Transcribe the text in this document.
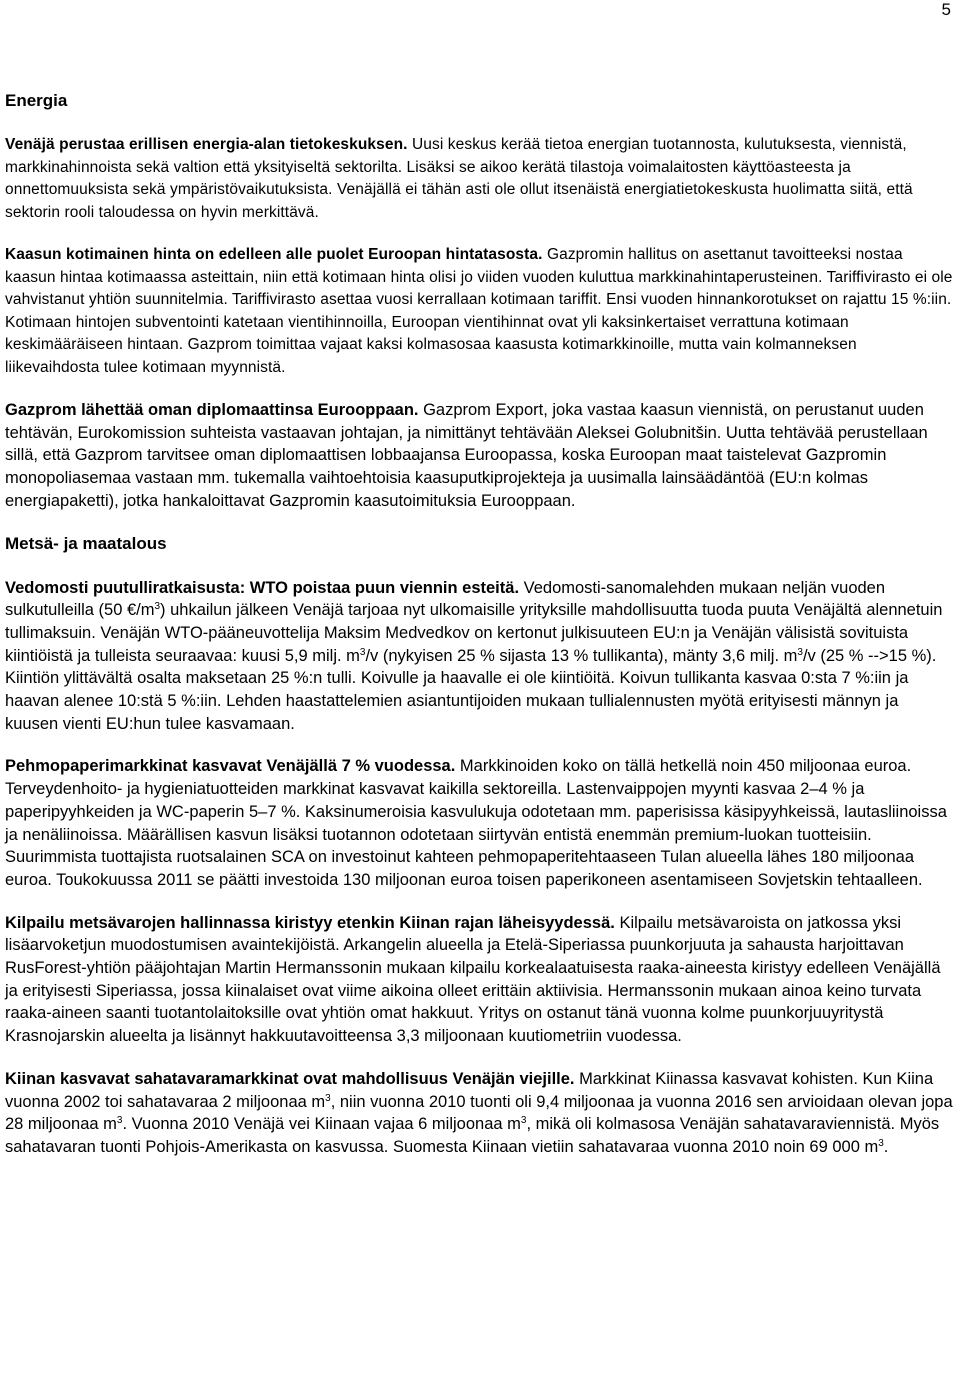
5
Energia

Venäjä perustaa erillisen energia-alan tietokeskuksen. Uusi keskus kerää tietoa energian tuotannosta, kulutuksesta, viennistä, markkinahinnoista sekä valtion että yksityiseltä sektorilta. Lisäksi se aikoo kerätä tilastoja voimalaitosten käyttöasteesta ja onnettomuuksista sekä ympäristövaikutuksista. Venäjällä ei tähän asti ole ollut itsenäistä energiatietokeskusta huolimatta siitä, että sektorin rooli taloudessa on hyvin merkittävä.

Kaasun kotimainen hinta on edelleen alle puolet Euroopan hintatasosta. Gazpromin hallitus on asettanut tavoitteeksi nostaa kaasun hintaa kotimaassa asteittain, niin että kotimaan hinta olisi jo viiden vuoden kuluttua markkinahintaperusteinen. Tariffivirasto ei ole vahvistanut yhtiön suunnitelmia. Tariffivirasto asettaa vuosi kerrallaan kotimaan tariffit. Ensi vuoden hinnankorotukset on rajattu 15 %:iin. Kotimaan hintojen subventointi katetaan vientihinnoilla, Euroopan vientihinnat ovat yli kaksinkertaiset verrattuna kotimaan keskimääräiseen hintaan. Gazprom toimittaa vajaat kaksi kolmasosaa kaasusta kotimarkkinoille, mutta vain kolmanneksen liikevaihdosta tulee kotimaan myynnistä.

Gazprom lähettää oman diplomaattinsa Eurooppaan. Gazprom Export, joka vastaa kaasun viennistä, on perustanut uuden tehtävän, Eurokomission suhteista vastaavan johtajan, ja nimittänyt tehtävään Aleksei Golubnitšin. Uutta tehtävää perustellaan sillä, että Gazprom tarvitsee oman diplomaattisen lobbaajansa Euroopassa, koska Euroopan maat taistelevat Gazpromin monopoliasemaa vastaan mm. tukemalla vaihtoehtoisia kaasuputkiprojekteja ja uusimalla lainsäädäntöä (EU:n kolmas energiapaketti), jotka hankaloittavat Gazpromin kaasutoimituksia Eurooppaan.

Metsä- ja maatalous

Vedomosti puutulliratkaisusta: WTO poistaa puun viennin esteitä. Vedomosti-sanomalehden mukaan neljän vuoden sulkutulleilla (50 $€/m^3$) uhkailun jälkeen Venäjä tarjoaa nyt ulkomaisille yrityksille mahdollisuutta tuoda puuta Venäjältä alennetuin tullimaksuin. Venäjän WTO-pääneuvottelija Maksim Medvedkov on kertonut julkisuuteen EU:n ja Venäjän välisistä sovituista kiintiöistä ja tulleista seuraavaa: kuusi 5,9 milj. $m^3/v$ (nykyisen 25 % sijasta 13 % tullikanta), mänty 3,6 milj. $m^3/v$ (25 % -->15 %). Kiintiön ylittävältä osalta maksetaan 25 %:n tulli. Koivulle ja haavalle ei ole kiintiöitä. Koivun tullikanta kasvaa 0:sta 7 %:iin ja haavan alenee 10:stä 5 %:iin. Lehden haastattelemien asiantuntijoiden mukaan tullialennusten myötä erityisesti männyn ja kuusen vienti EU:hun tulee kasvamaan.

Pehmopaperimarkkinat kasvavat Venäjällä 7 % vuodessa. Markkinoiden koko on tällä hetkellä noin 450 miljoonaa euroa. Terveydenhoito- ja hygieniatuotteiden markkinat kasvavat kaikilla sektoreilla. Lastenvaippojen myynti kasvaa 2–4 % ja paperipyyhkeiden ja WC-paperin 5–7 %. Kaksinumeroisia kasvulukuja odotetaan mm. paperisissa käsipyyhkeissä, lautasliinoissa ja nenäliinoissa. Määrällisen kasvun lisäksi tuotannon odotetaan siirtyvän entistä enemmän premium-luokan tuotteisiin. Suurimmista tuottajista ruotsalainen SCA on investoinut kahteen pehmopaperitehtaaseen Tulan alueella lähes 180 miljoonaa euroa. Toukokuussa 2011 se päätti investoida 130 miljoonan euroa toisen paperikoneen asentamiseen Sovjetskin tehtaalleen.

Kilpailu metsävarojen hallinnassa kiristyy etenkin Kiinan rajan läheisyydessä. Kilpailu metsävaroista on jatkossa yksi lisäarvoketjun muodostumisen avaintekijöistä. Arkangelin alueella ja Etelä-Siperiassa puunkorjuuta ja sahausta harjoittavan RusForest-yhtiön pääjohtajan Martin Hermanssonin mukaan kilpailu korkealaatuisesta raaka-aineesta kiristyy edelleen Venäjällä ja erityisesti Siperiassa, jossa kiinalaiset ovat viime aikoina olleet erittäin aktiivisia. Hermanssonin mukaan ainoa keino turvata raaka-aineen saanti tuotantolaitoksille ovat yhtiön omat hakkuut. Yritys on ostanut tänä vuonna kolme puunkorjuuyritystä Krasnojarskin alueelta ja lisännyt hakkuutavoitteensa 3,3 miljoonaan kuutiometriin vuodessa.

Kiinan kasvavat sahatavaramarkkinat ovat mahdollisuus Venäjän viejille. Markkinat Kiinassa kasvavat kohisten. Kun Kiina vuonna 2002 toi sahatavaraa 2 miljoonaa $m^3$, niin vuonna 2010 tuonti oli 9,4 miljoonaa ja vuonna 2016 sen arvioidaan olevan jopa 28 miljoonaa $m^3$. Vuonna 2010 Venäjä vei Kiinaan vajaa 6 miljoonaa $m^3$, mikä oli kolmasosa Venäjän sahatavaraviennistä. Myös sahatavaran tuonti Pohjois-Amerikasta on kasvussa. Suomesta Kiinaan vietiin sahatavaraa vuonna 2010 noin 69 000 $m^3$.
